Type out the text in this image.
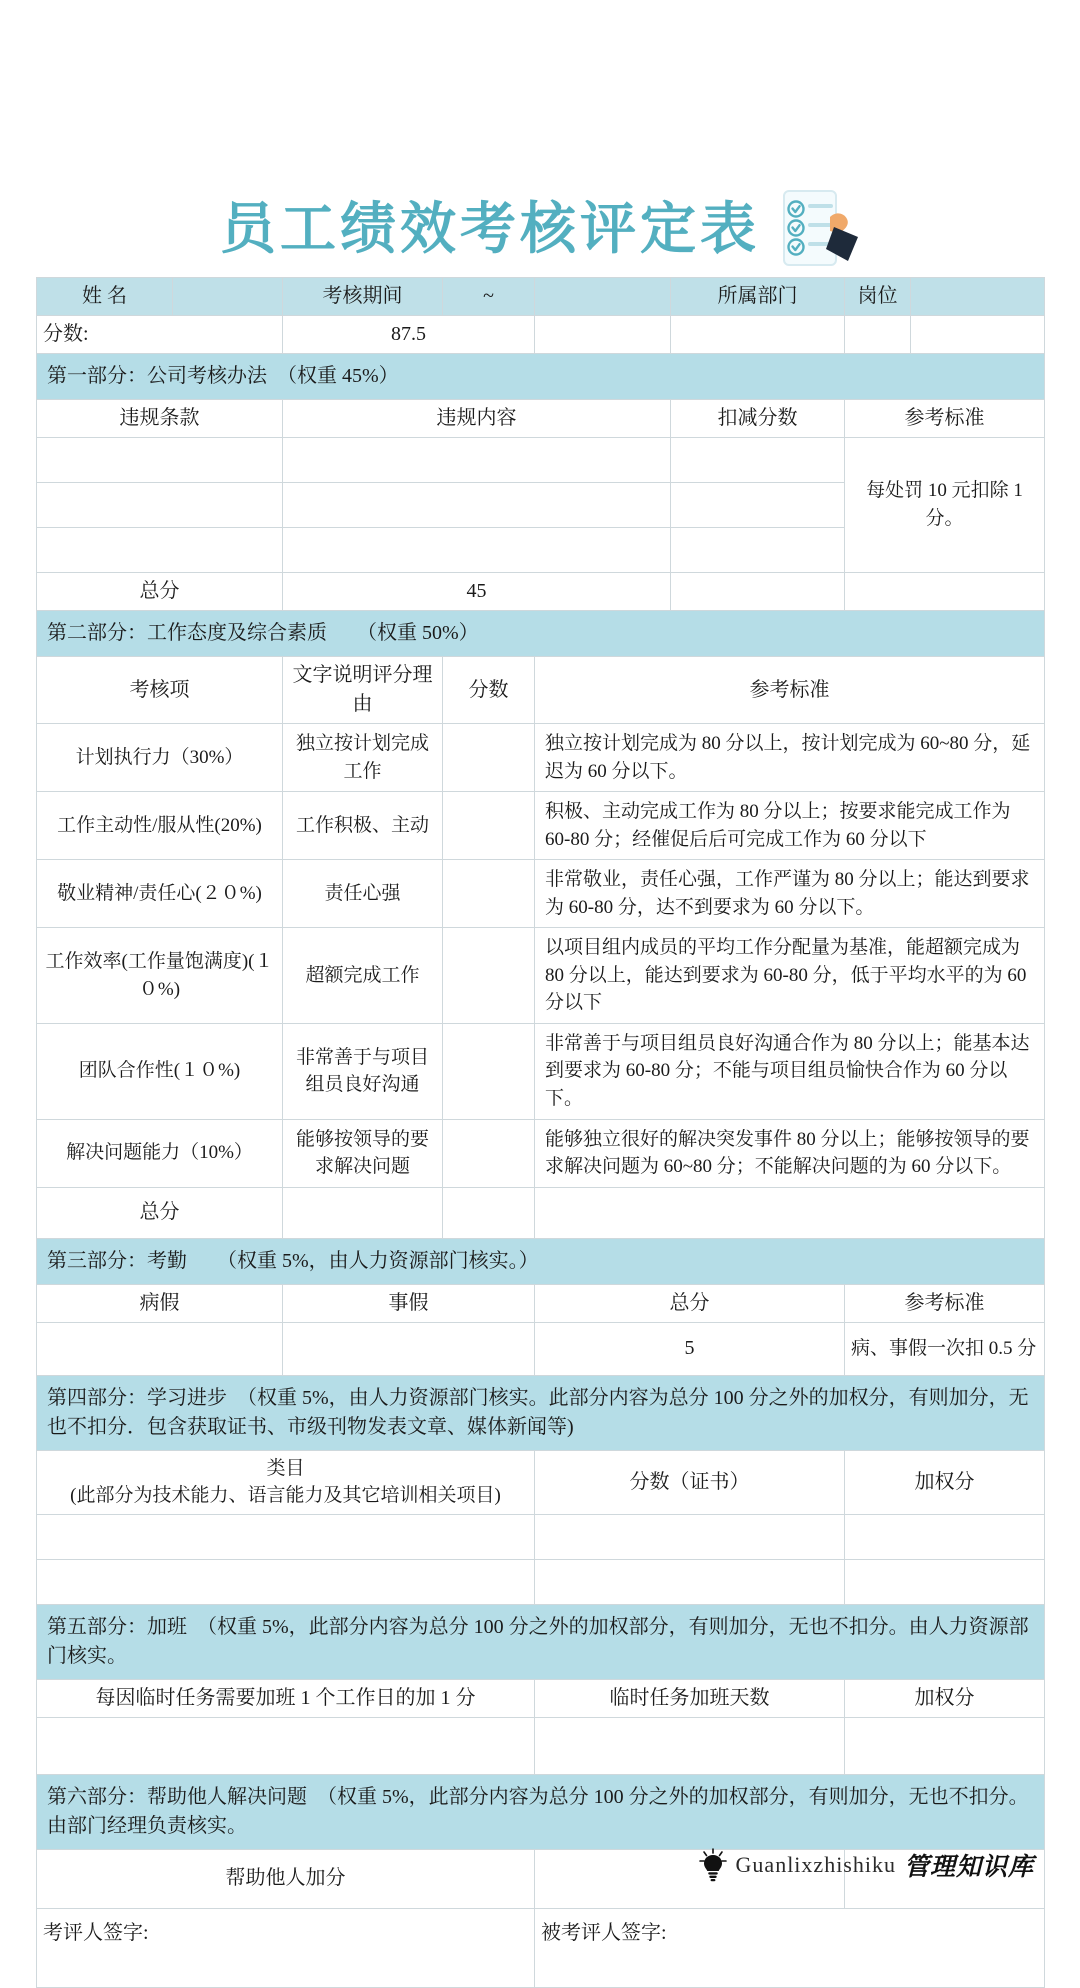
员工绩效考核评定表
姓 名		考核期间	~		所属部门	岗位	
分数:		87.5					
第一部分：公司考核办法　（权重 45%）							
违规条款		违规内容			扣减分数	参考标准	
						每处罚 10 元扣除 1 分。	

总分		45					
第二部分：工作态度及综合素质　　（权重 50%）							
考核项		文字说明评分理由	分数	参考标准			
计划执行力（30%）		独立按计划完成工作		独立按计划完成为 80 分以上，按计划完成为 60~80 分，延迟为 60 分以下。			
工作主动性/服从性(20%)		工作积极、主动		积极、主动完成工作为 80 分以上；按要求能完成工作为 60-80 分；经催促后后可完成工作为 60 分以下			
敬业精神/责任心(２０%)		责任心强		非常敬业，责任心强，工作严谨为 80 分以上；能达到要求为 60-80 分，达不到要求为 60 分以下。			
工作效率(工作量饱满度)(１０%)		超额完成工作		以项目组内成员的平均工作分配量为基准，能超额完成为 80 分以上，能达到要求为 60-80 分，低于平均水平的为 60 分以下			
团队合作性(１０%)		非常善于与项目组员良好沟通		非常善于与项目组员良好沟通合作为 80 分以上；能基本达到要求为 60-80 分；不能与项目组员愉快合作为 60 分以下。			
解决问题能力（10%）		能够按领导的要求解决问题		能够独立很好的解决突发事件 80 分以上；能够按领导的要求解决问题为 60~80 分；不能解决问题的为 60 分以下。			
总分							
第三部分：考勤　　（权重 5%，由人力资源部门核实。）							
病假		事假		总分		参考标准	
				5		病、事假一次扣 0.5 分	
第四部分：学习进步　（权重 5%，由人力资源部门核实。此部分内容为总分 100 分之外的加权分，有则加分，无也不扣分．包含获取证书、市级刊物发表文章、媒体新闻等)							

类目
(此部分为技术能力、语言能力及其它培训相关项目)				分数（证书）		加权分	

第五部分：加班　（权重 5%，此部分内容为总分 100 分之外的加权部分，有则加分，无也不扣分。由人力资源部门核实。							
每因临时任务需要加班 1 个工作日的加 1 分				临时任务加班天数		加权分	

第六部分：帮助他人解决问题　（权重 5%，此部分内容为总分 100 分之外的加权部分，有则加分，无也不扣分。由部门经理负责核实。							
帮助他人加分							
考评人签字:				被考评人签字:			
Guanlixzhishiku 管理知识库
